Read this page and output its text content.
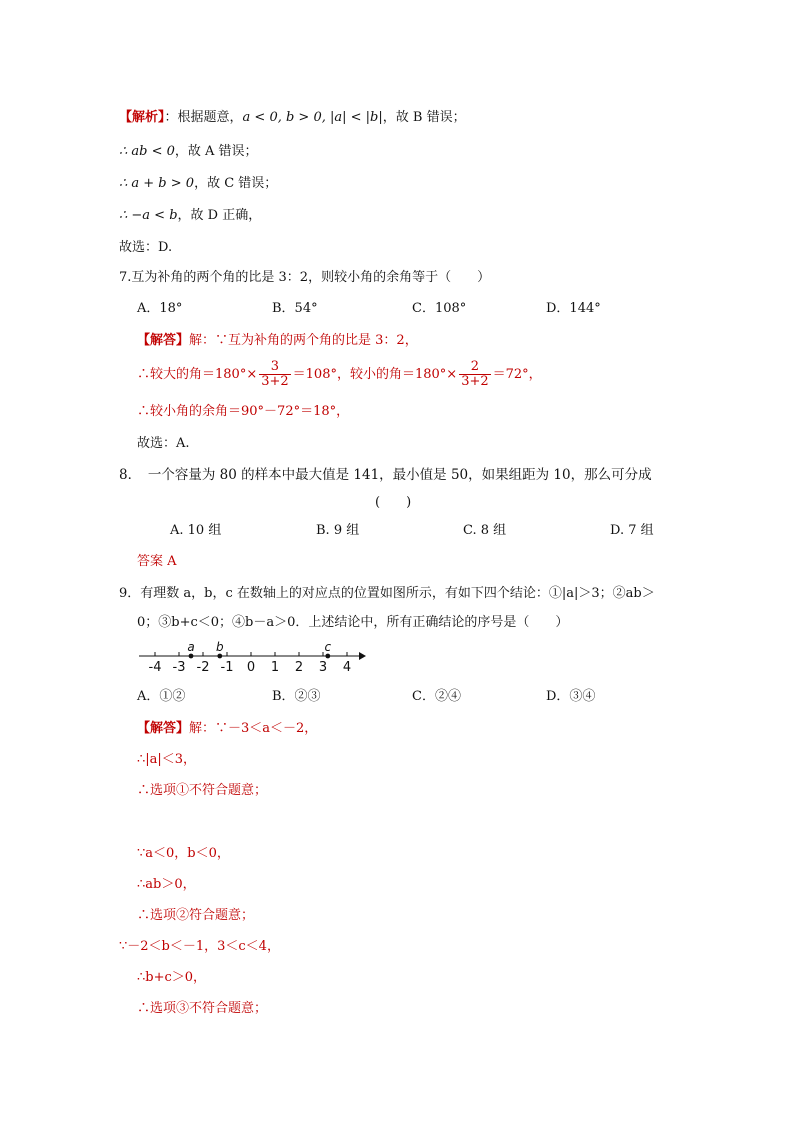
【解析】：根据题意，a < 0, b > 0, |a| < |b|，故 B 错误；
∴ ab < 0，故 A 错误；
∴ a + b > 0，故 C 错误；
∴ −a < b，故 D 正确，
故选：D.
7.互为补角的两个角的比是 3：2，则较小角的余角等于（　　）
A．18°	B．54°	C．108°	D．144°
【解答】解：∵互为补角的两个角的比是 3：2，
∴较大的角$=180^\circ\times \frac{3}{3+2} =108^\circ$，较小的角$=180^\circ\times \frac{2}{3+2} =72^\circ$，
∴较小角的余角＝90°－72°＝18°，
故选：A.
8．　一个容量为 80 的样本中最大值是 141，最小值是 50，如果组距为 10，那么可分成
(　　)
A. 10 组	B. 9 组	C. 8 组	D. 7 组
答案 A
9．有理数 a，b，c 在数轴上的对应点的位置如图所示，有如下四个结论：①|a|＞3；②ab＞
0；③b+c＜0；④b－a＞0．上述结论中，所有正确结论的序号是（　　）
-4 -3 -2 -1 0 1 2 3 4
a b	c
A．①②	B．②③	C．②④	D．③④
【解答】解：∵－3＜a＜－2，
∴|a|＜3，
∴选项①不符合题意；
∵a＜0，b＜0，
∴ab＞0，
∴选项②符合题意；
∵－2＜b＜－1，3＜c＜4，
∴b+c＞0，
∴选项③不符合题意；
